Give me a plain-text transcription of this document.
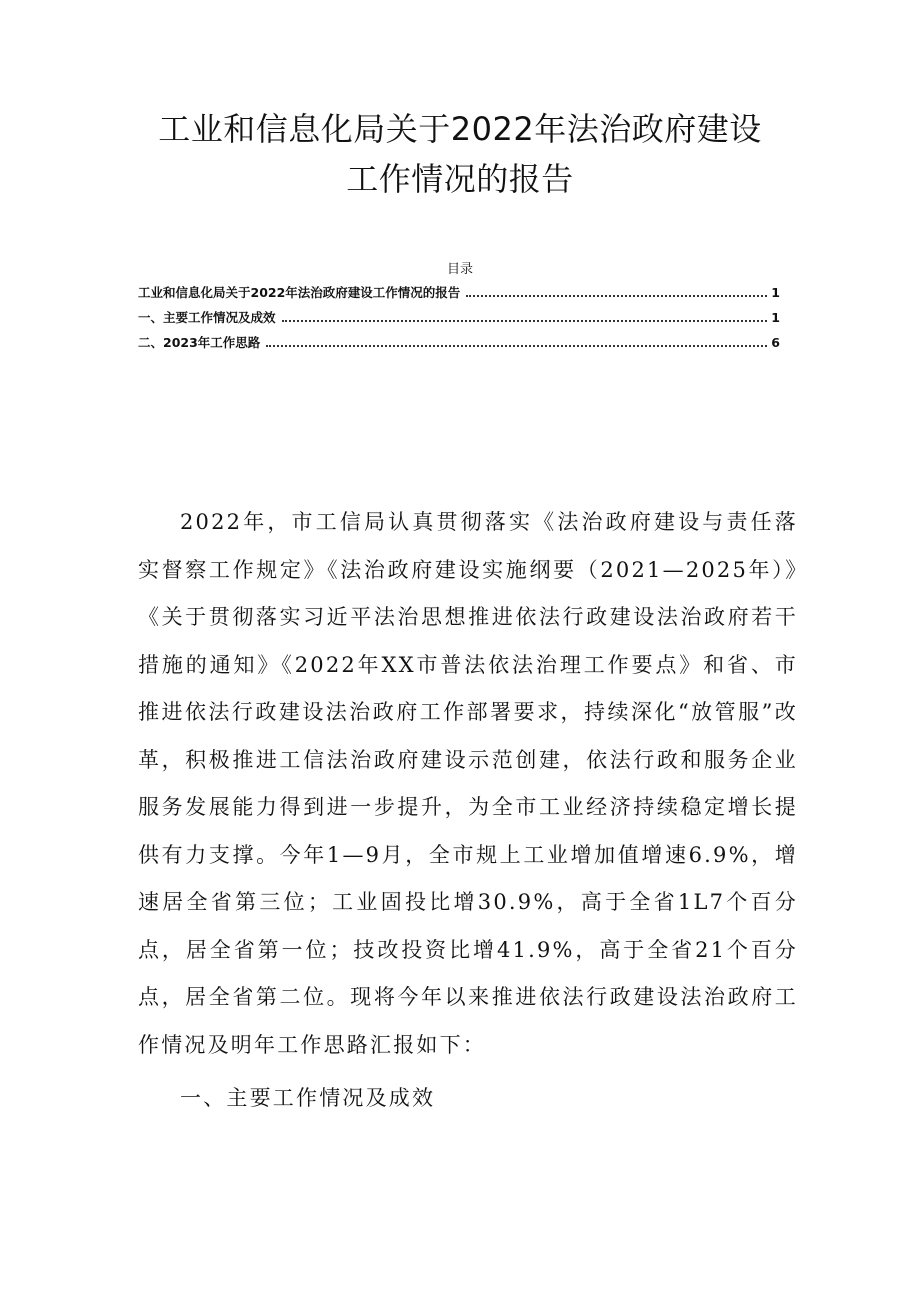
工业和信息化局关于2022年法治政府建设
工作情况的报告
目录
工业和信息化局关于2022年法治政府建设工作情况的报告	1
一、主要工作情况及成效	1
二、2023年工作思路	6

2022年，市工信局认真贯彻落实《法治政府建设与责任落实督察工作规定》《法治政府建设实施纲要（2021—2025年）》《关于贯彻落实习近平法治思想推进依法行政建设法治政府若干措施的通知》《2022年XX市普法依法治理工作要点》和省、市推进依法行政建设法治政府工作部署要求，持续深化“放管服”改革，积极推进工信法治政府建设示范创建，依法行政和服务企业服务发展能力得到进一步提升，为全市工业经济持续稳定增长提供有力支撑。今年1—9月，全市规上工业增加值增速6.9%，增速居全省第三位；工业固投比增30.9%，高于全省1L7个百分点，居全省第一位；技改投资比增41.9%，高于全省21个百分点，居全省第二位。现将今年以来推进依法行政建设法治政府工作情况及明年工作思路汇报如下：

一、主要工作情况及成效
